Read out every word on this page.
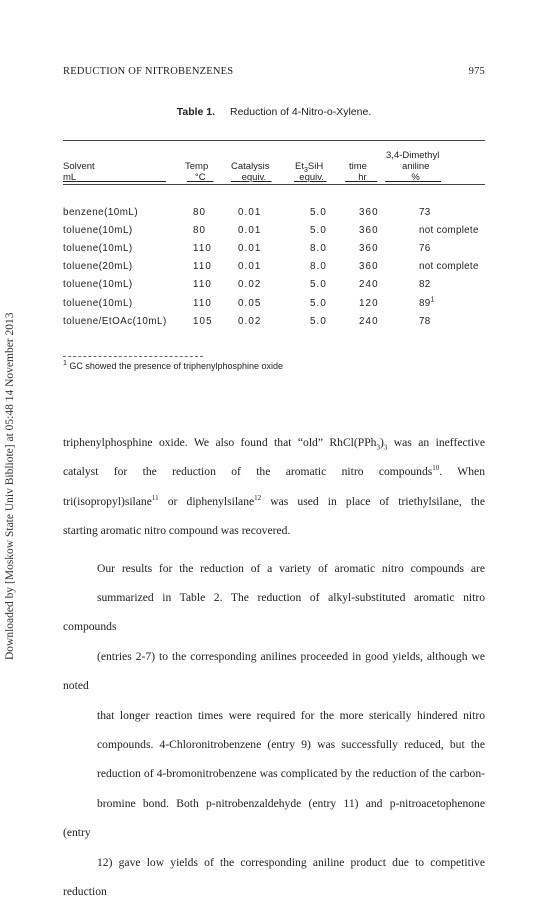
Downloaded by [Moskow State Univ Bibliote] at 05:48 14 November 2013
REDUCTION OF NITROBENZENES	975
Table 1. Reduction of 4-Nitro-o-Xylene.
3,4-Dimethyl
Solvent	Temp Catalysis	$Et_3SiH$	time	aniline
mL	°C	equiv.	equiv.	hr	%
benzene(10mL)	80	0.01	5.0	360	73
toluene(10mL)	80	0.01	5.0	360	not complete
toluene(10mL)	110	0.01	8.0	360	76
toluene(20mL)	110	0.01	8.0	360	not complete
toluene(10mL)	110	0.02	5.0	240	82
toluene(10mL)	110	0.05	5.0	120	$89^1$
toluene/EtOAc(10mL)	105	0.02	5.0	240	78
$^1$ GC showed the presence of triphenylphosphine oxide

triphenylphosphine oxide. We also found that “old” $RhCl(PPh_3)_3$ was an ineffective
catalyst for the reduction of the aromatic nitro compounds$^{10}$. When
tri(isopropyl)silane$^{11}$ or diphenylsilane$^{12}$ was used in place of triethylsilane, the
starting aromatic nitro compound was recovered.

Our results for the reduction of a variety of aromatic nitro compounds are
summarized in Table 2. The reduction of alkyl-substituted aromatic nitro compounds
(entries 2-7) to the corresponding anilines proceeded in good yields, although we noted
that longer reaction times were required for the more sterically hindered nitro
compounds. 4-Chloronitrobenzene (entry 9) was successfully reduced, but the
reduction of 4-bromonitrobenzene was complicated by the reduction of the carbon-
bromine bond. Both p-nitrobenzaldehyde (entry 11) and p-nitroacetophenone (entry
12) gave low yields of the corresponding aniline product due to competitive reduction
